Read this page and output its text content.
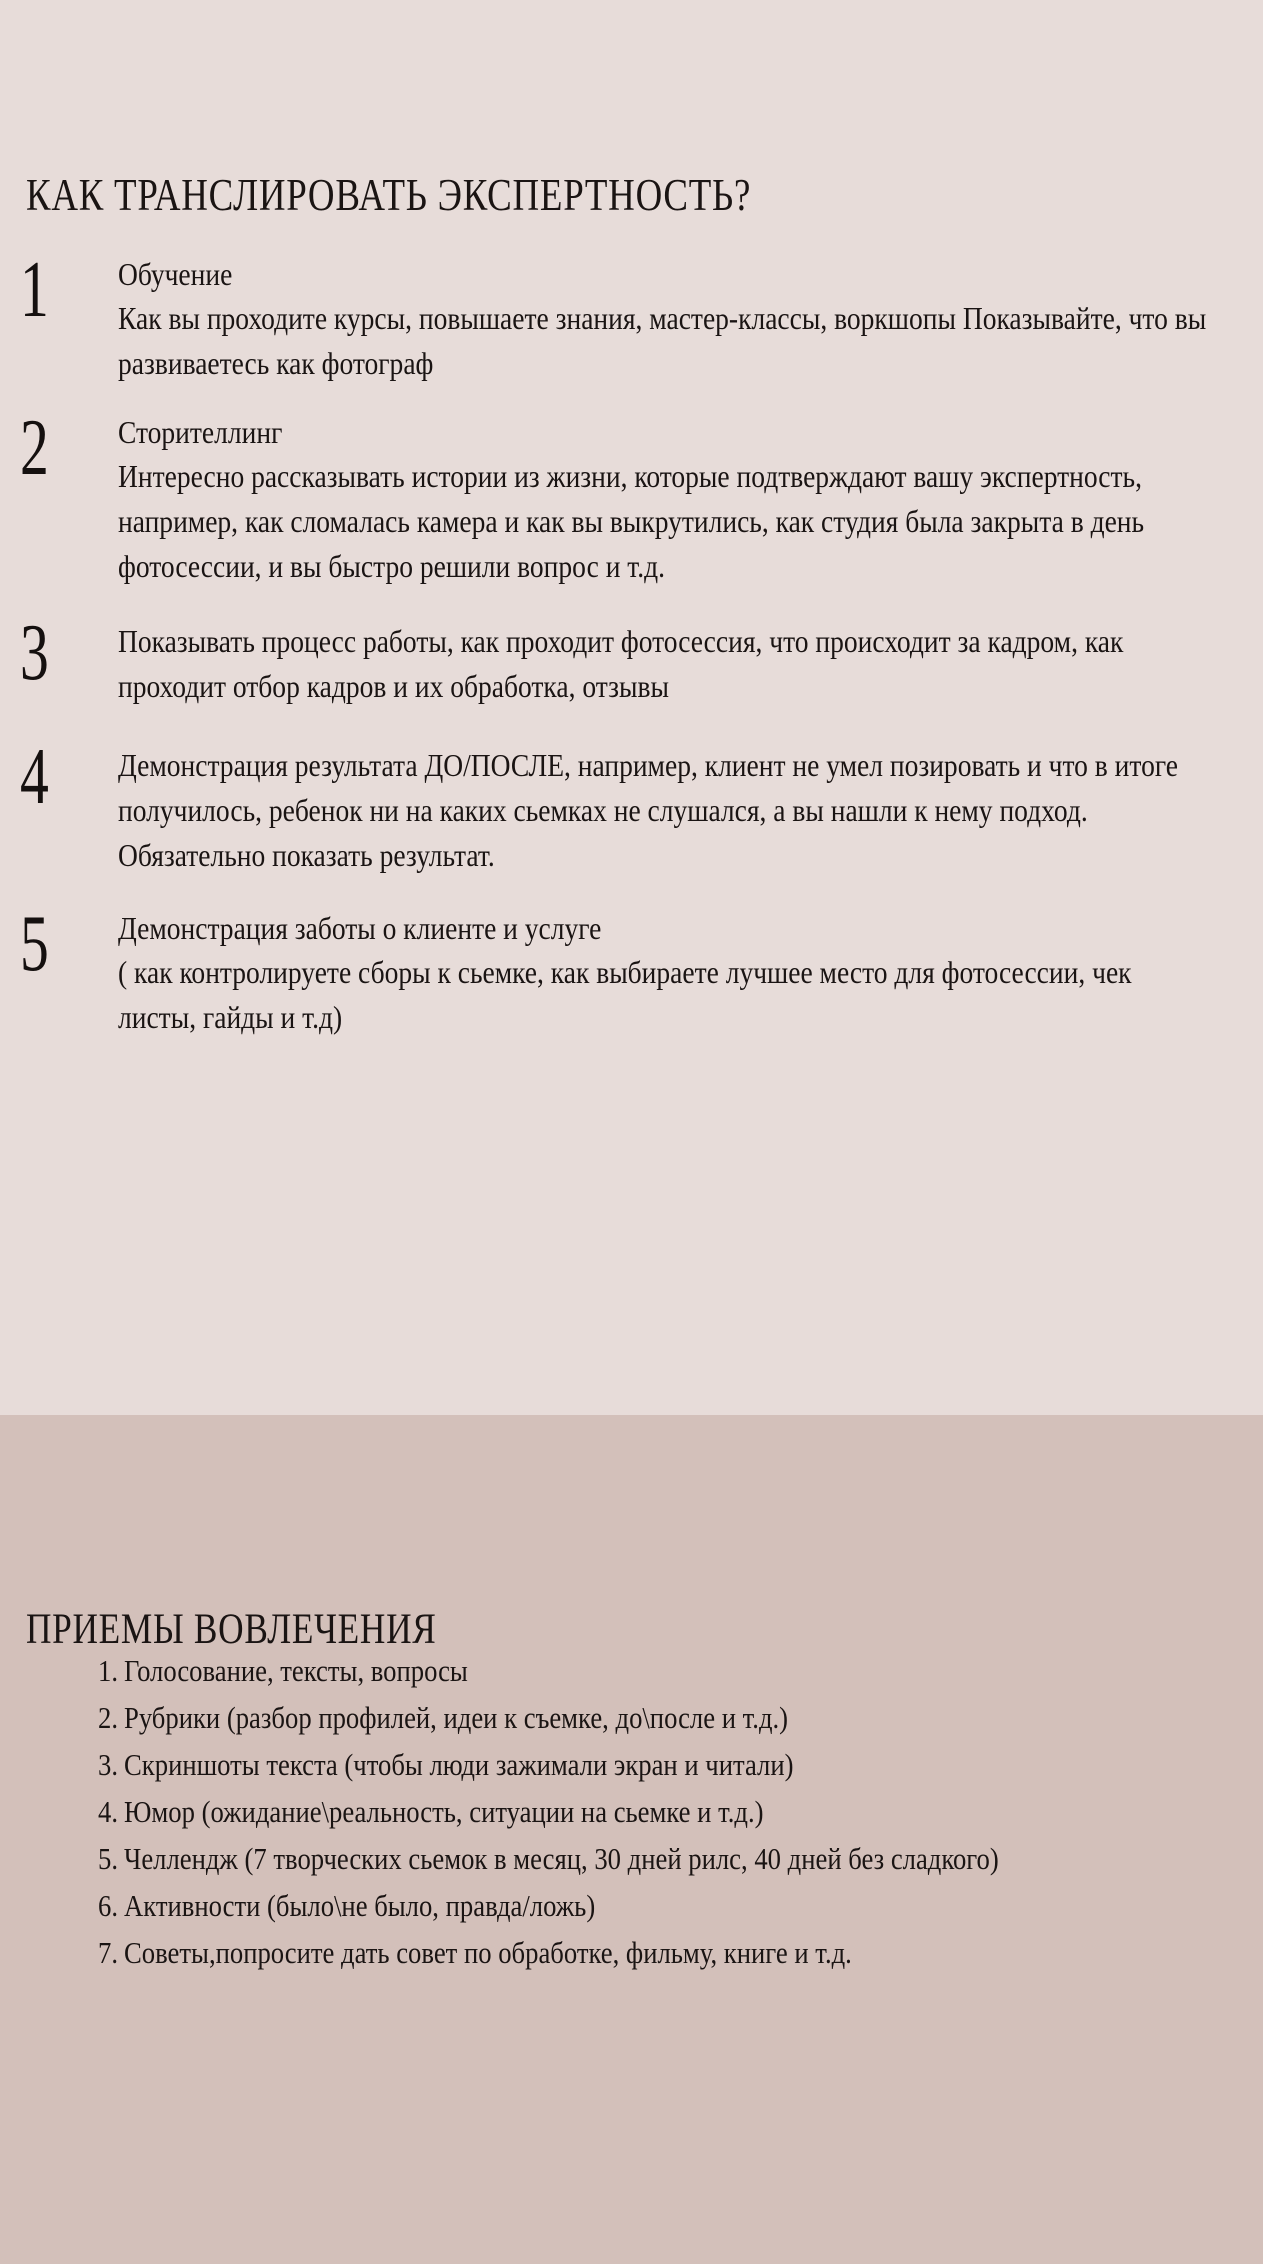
КАК ТРАНСЛИРОВАТЬ ЭКСПЕРТНОСТЬ?
1	Обучение
Как вы проходите курсы, повышаете знания, мастер-классы, воркшопы Показывайте, что вы развиваетесь как фотограф
2	Сторителлинг
Интересно рассказывать истории из жизни, которые подтверждают вашу экспертность, например, как сломалась камера и как вы выкрутились, как студия была закрыта в день фотосессии, и вы быстро решили вопрос и т.д.
3	Показывать процесс работы, как проходит фотосессия, что происходит за кадром, как проходит отбор кадров и их обработка, отзывы
4	Демонстрация результата ДО/ПОСЛЕ, например, клиент не умел позировать и что в итоге получилось, ребенок ни на каких сьемках не слушался, а вы нашли к нему подход. Обязательно показать результат.
5	Демонстрация заботы о клиенте и услуге
( как контролируете сборы к сьемке, как выбираете лучшее место для фотосессии, чек листы, гайды и т.д)
ПРИЕМЫ ВОВЛЕЧЕНИЯ
1. Голосование, тексты, вопросы
2. Рубрики (разбор профилей, идеи к съемке, до\после и т.д.)
3. Скриншоты текста (чтобы люди зажимали экран и читали)
4. Юмор (ожидание\реальность, ситуации на сьемке и т.д.)
5. Челлендж (7 творческих сьемок в месяц, 30 дней рилс, 40 дней без сладкого)
6. Активности (было\не было, правда/ложь)
7. Советы,попросите дать совет по обработке, фильму, книге и т.д.
